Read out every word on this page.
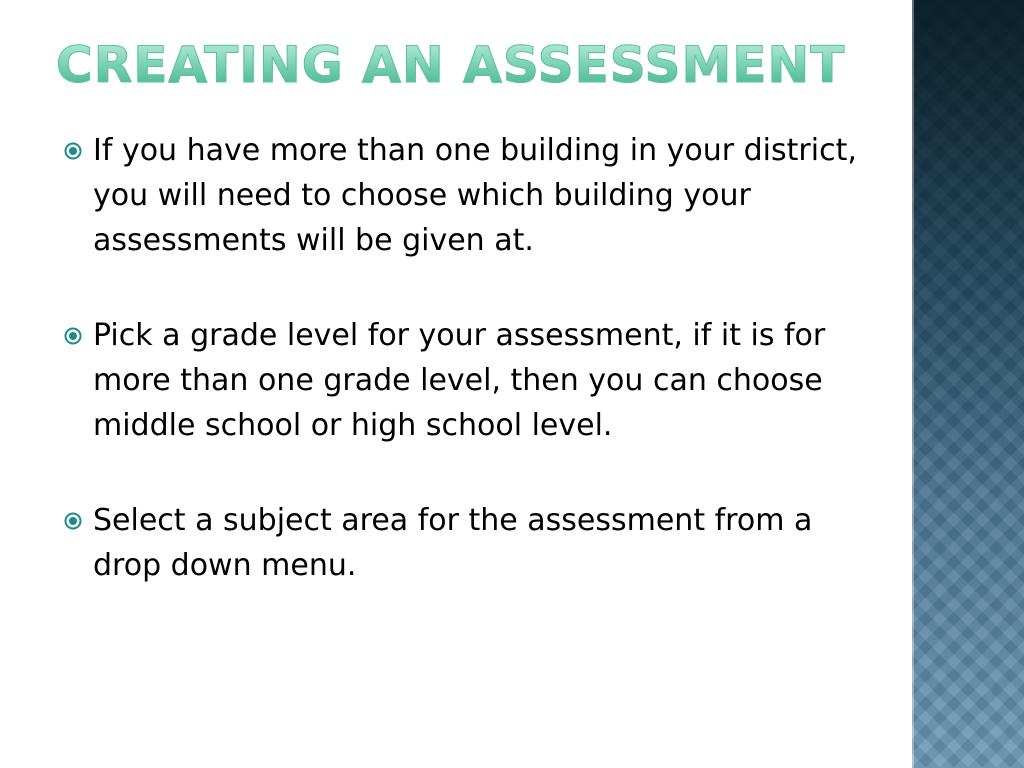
CREATING AN ASSESSMENT
If you have more than one building in your district, you will need to choose which building your assessments will be given at.
Pick a grade level for your assessment, if it is for more than one grade level, then you can choose middle school or high school level.
Select a subject area for the assessment from a drop down menu.
